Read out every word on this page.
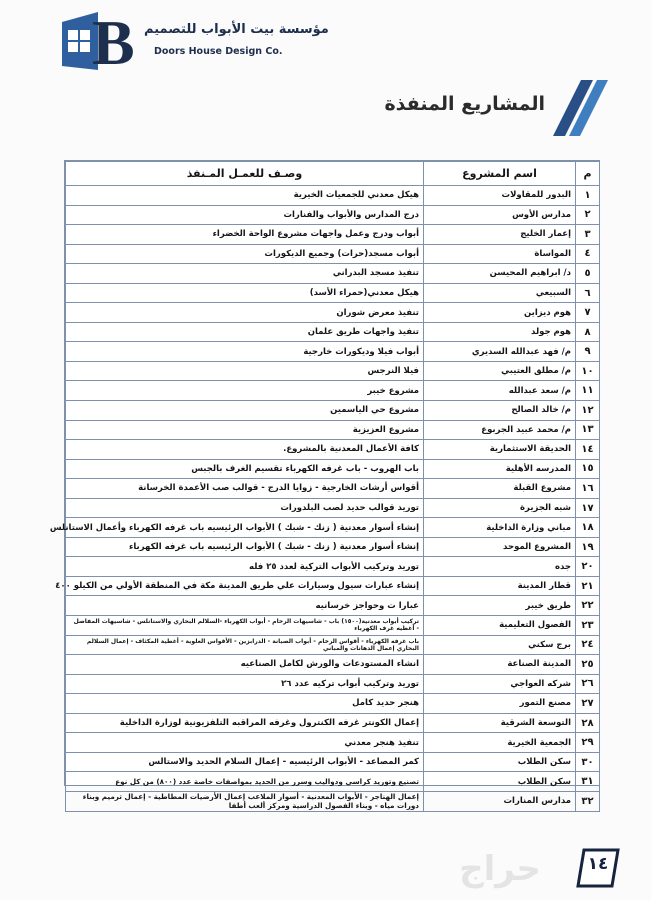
B مؤسسة بيت الأبواب للتصميم
Doors House Design Co.
المشاريع المنفذة
م	اسم المشروع	وصـف للعمـل المـنفذ
١	البدور للمقاولات	هيكل معدني للجمعيات الخيرية
٢	مدارس الأوس	درج المدارس والأبواب والفنارات
٣	إعمار الخليج	أبواب ودرج وعمل واجهات مشروع الواحة الخضراء
٤	المواساة	أبواب مسجد(حرات) وجميع الديكورات
٥	د/ ابراهيم المحيسن	تنفيذ مسجد البدراني
٦	السبيعي	هيكل معدني(حمراء الأسد)
٧	هوم ديزاين	تنفيذ معرض شوران
٨	هوم جولد	تنفيذ واجهات طريق علمان
٩	م/ فهد عبدالله السديري	أبواب فيلا وديكورات خارجية
١٠	م/ مطلق العتيبي	فيلا النرجس
١١	م/ سعد عبدالله	مشروع خيبر
١٢	م/ خالد الصالح	مشروع حي الياسمين
١٣	م/ محمد عبيد الجربوع	مشروع العزيزية
١٤	الحديقة الاستثمارية	كافة الأعمال المعدنية بالمشروع.
١٥	المدرسه الأهلية	باب الهروب - باب غرفه الكهرباء تقسيم الغرف بالجبس
١٦	مشروع القبلة	أقواس أرشات الخارجية - زوايا الدرج - قوالب صب الأعمدة الخرسانة
١٧	شبه الجزيرة	توريد قوالب حديد لصب البلدورات
١٨	مباني وزارة الداخلية	إنشاء أسوار معدنية ( زنك - شبك ) الأبواب الرئيسيه باب غرفه الكهرباء وأعمال الاستانلس
١٩	المشروع الموحد	إنشاء أسوار معدنية ( زنك - شبك ) الأبواب الرئيسيه باب غرفه الكهرباء
٢٠	جده	توريد وتركيب الأبواب التركية لعدد ٢٥ فله
٢١	قطار المدينة	إنشاء عبارات سيول وسيارات علي طريق المدينة مكة في المنطقة الأولي من الكيلو ٤٠٠
٢٢	طريق خيبر	عبارا ت وحواجز خرسانيه
٢٣	الفصول التعليمية	تركيب أبواب معدنية(١٥٠٠) باب - شاسيهات الرخام - أبواب الكهرباء -السلالم البحاري والاستانلس - شاسيهات المفاصل - أغطيه غرف الكهرباء
٢٤	برج سكني	باب غرفه الكهرباء - أقواس الرخام - أبواب الصيانة - الدرابزين - الأقواس العلوية - أغطية المكثاف - إعمال السلالم البحاري إعمال الدهانات والمباني
٢٥	المدينة الصناعة	انشاء المستودعات والورش لكامل الصناعيه
٢٦	شركه العواجي	توريد وتركيب أبواب تركيه عدد ٢٦
٢٧	مصنع التمور	هنجر حديد كامل
٢٨	التوسعة الشرقية	إعمال الكونتر غرفه الكنترول وغرفه المراقبه التلفزيونية لوزارة الداخلية
٢٩	الجمعية الخيرية	تنفيذ هنجر معدني
٣٠	سكن الطلاب	كمر المصاعد - الأبواب الرئيسيه - إعمال السلام الحديد والاستالس
٣١	سكن الطلاب	تصنيع وتوريد كراسي ودواليب وسرر من الحديد بمواصفات خاصة عدد (٨٠٠) من كل نوع
٣٢	مدارس المنارات	إعمال الهناجر - الأبواب المعدنية - أسوار الملاعب إعمال الأرضيات المطاطية - إعمال ترميم وبناء دورات مياه - وبناء الفصول الدراسية ومركز ألعب أطفا
حراج	١٤
